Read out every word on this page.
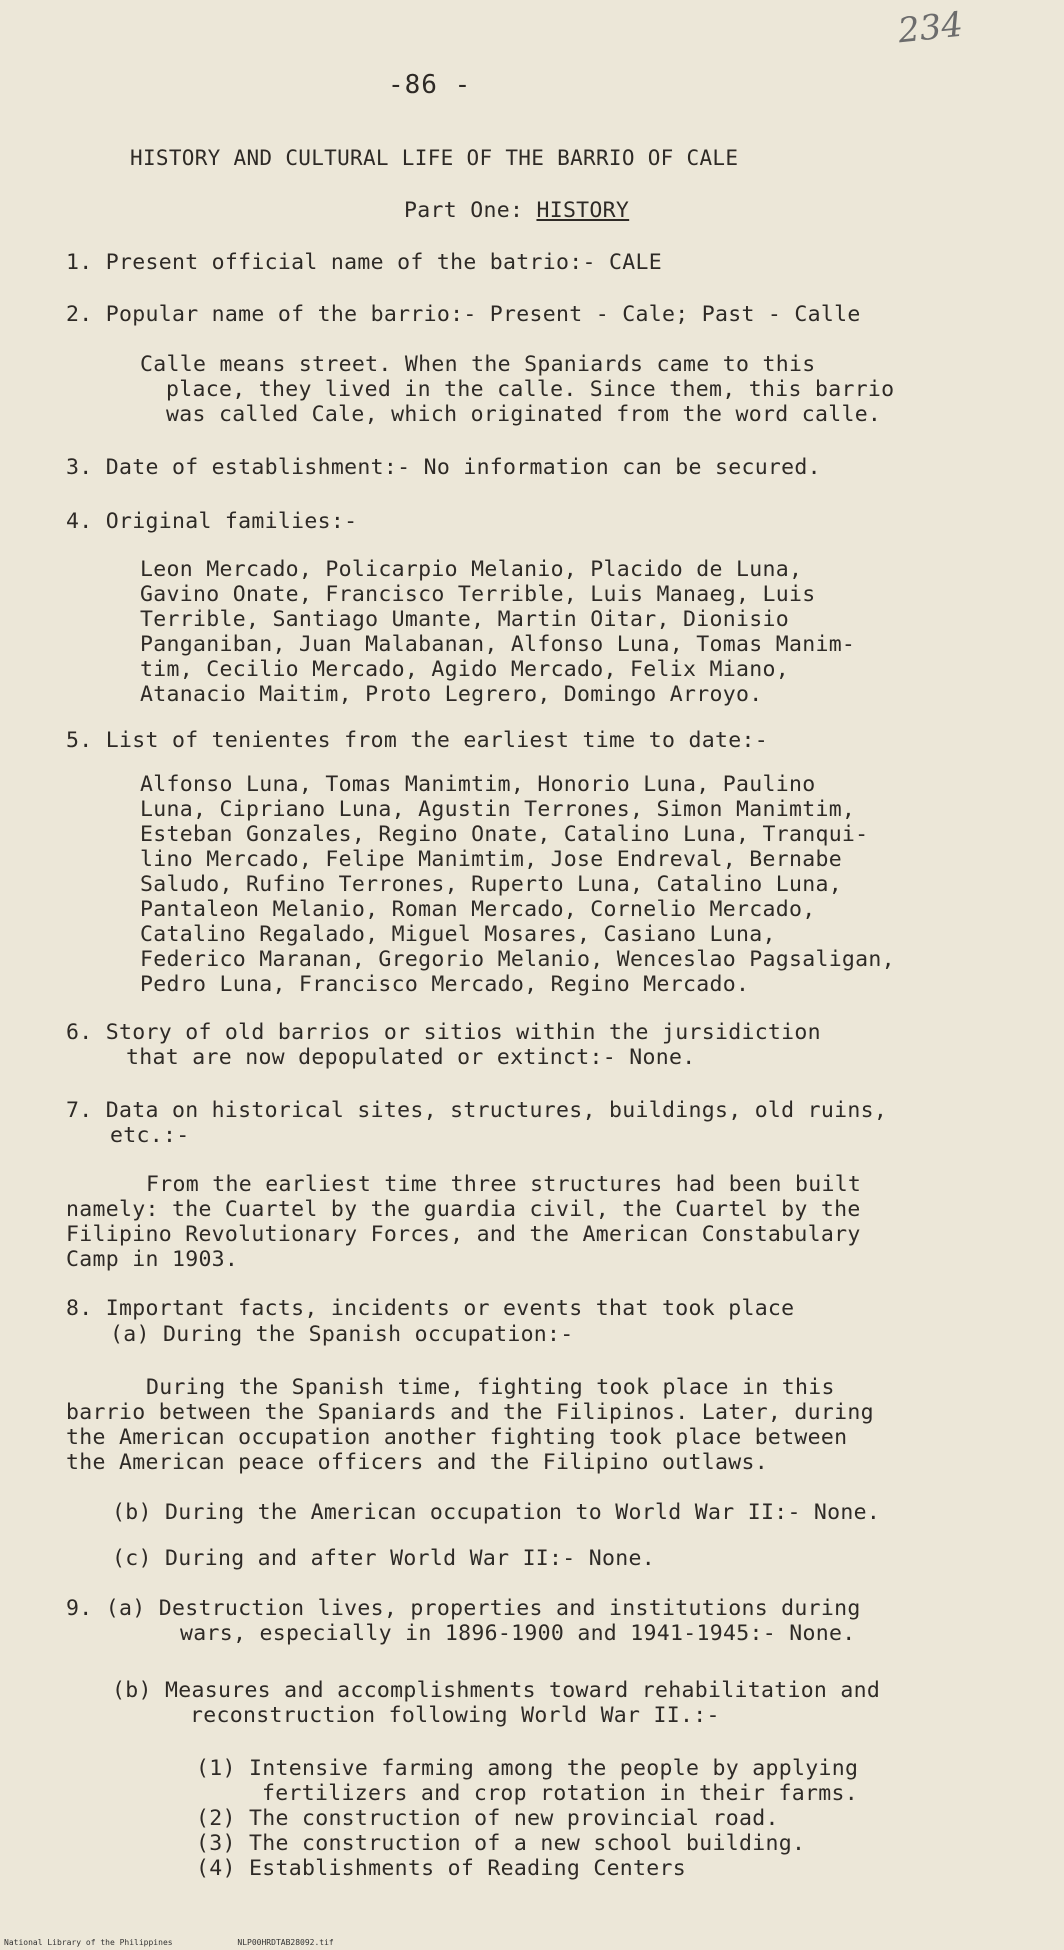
234
-86 -
HISTORY AND CULTURAL LIFE OF THE BARRIO OF CALE
Part One: HISTORY
1. Present official name of the batrio:- CALE
2. Popular name of the barrio:- Present - Cale; Past - Calle
Calle means street. When the Spaniards came to this
place, they lived in the calle. Since them, this barrio
was called Cale, which originated from the word calle.
3. Date of establishment:- No information can be secured.
4. Original families:-
Leon Mercado, Policarpio Melanio, Placido de Luna,
Gavino Onate, Francisco Terrible, Luis Manaeg, Luis
Terrible, Santiago Umante, Martin Oitar, Dionisio
Panganiban, Juan Malabanan, Alfonso Luna, Tomas Manim-
tim, Cecilio Mercado, Agido Mercado, Felix Miano,
Atanacio Maitim, Proto Legrero, Domingo Arroyo.
5. List of tenientes from the earliest time to date:-
Alfonso Luna, Tomas Manimtim, Honorio Luna, Paulino
Luna, Cipriano Luna, Agustin Terrones, Simon Manimtim,
Esteban Gonzales, Regino Onate, Catalino Luna, Tranqui-
lino Mercado, Felipe Manimtim, Jose Endreval, Bernabe
Saludo, Rufino Terrones, Ruperto Luna, Catalino Luna,
Pantaleon Melanio, Roman Mercado, Cornelio Mercado,
Catalino Regalado, Miguel Mosares, Casiano Luna,
Federico Maranan, Gregorio Melanio, Wenceslao Pagsaligan,
Pedro Luna, Francisco Mercado, Regino Mercado.
6. Story of old barrios or sitios within the jursidiction
that are now depopulated or extinct:- None.
7. Data on historical sites, structures, buildings, old ruins,
etc.:-
From the earliest time three structures had been built
namely: the Cuartel by the guardia civil, the Cuartel by the
Filipino Revolutionary Forces, and the American Constabulary
Camp in 1903.
8. Important facts, incidents or events that took place
(a) During the Spanish occupation:-
During the Spanish time, fighting took place in this
barrio between the Spaniards and the Filipinos. Later, during
the American occupation another fighting took place between
the American peace officers and the Filipino outlaws.
(b) During the American occupation to World War II:- None.
(c) During and after World War II:- None.
9. (a) Destruction lives, properties and institutions during
wars, especially in 1896-1900 and 1941-1945:- None.
(b) Measures and accomplishments toward rehabilitation and
reconstruction following World War II.:-
(1) Intensive farming among the people by applying
fertilizers and crop rotation in their farms.
(2) The construction of new provincial road.
(3) The construction of a new school building.
(4) Establishments of Reading Centers
National Library of the Philippines	NLP00HRDTAB28092.tif
